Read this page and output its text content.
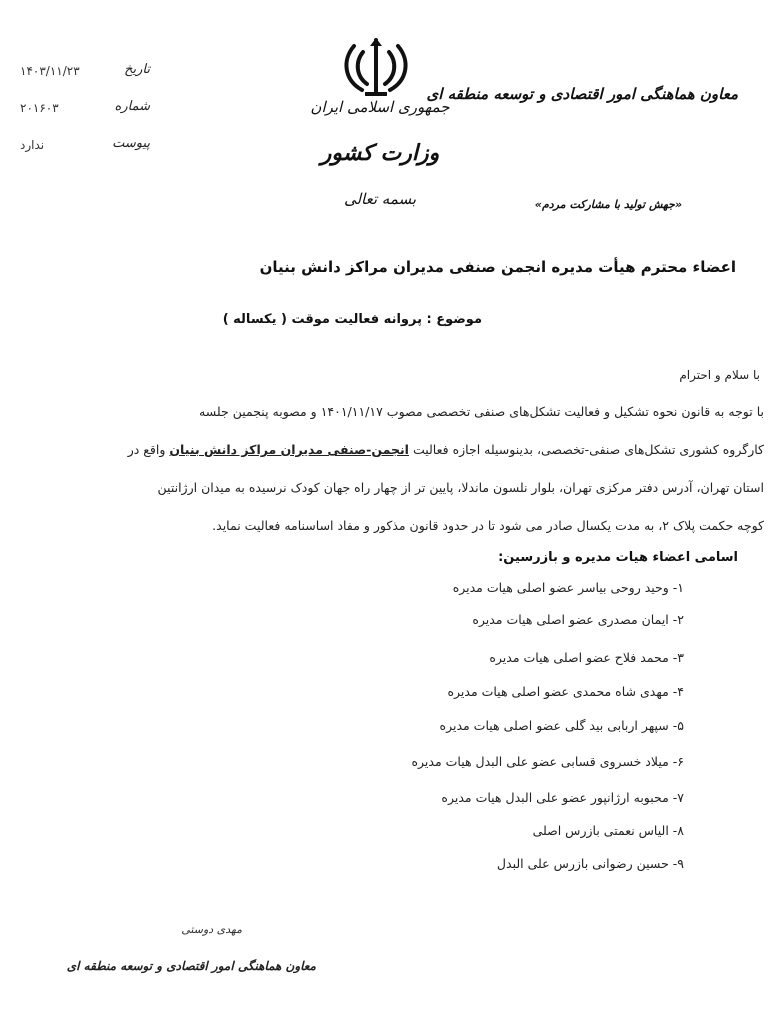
تاریخ
۱۴۰۳/۱۱/۲۳
شماره
۲۰۱۶۰۳
پیوست
ندارد
جمهوری اسلامی ایران
وزارت کشور
بسمه تعالی
معاون هماهنگی امور اقتصادی و توسعه منطقه ای
«جهش تولید با مشارکت مردم»
اعضاء محترم هیأت مدیره انجمن صنفی مدیران مراکز دانش بنیان
موضوع : پروانه فعالیت موقت ( یکساله )
با سلام و احترام
با توجه به قانون نحوه تشکیل و فعالیت تشکل‌های صنفی تخصصی مصوب ۱۴۰۱/۱۱/۱۷ و مصوبه پنجمین جلسه
کارگروه کشوری تشکل‌های صنفی-تخصصی، بدینوسیله اجازه فعالیت انجمن-صنفی مدیران مراکز دانش بنیان واقع در
استان تهران، آدرس دفتر مرکزی تهران، بلوار نلسون ماندلا، پایین تر از چهار راه جهان کودک نرسیده به میدان ارژانتین
کوچه حکمت پلاک ۲، به مدت یکسال صادر می شود تا در حدود قانون مذکور و مفاد اساسنامه فعالیت نماید.
اسامی اعضاء هیات مدیره و بازرسین:
۱- وحید روحی بیاسر عضو اصلی هیات مدیره
۲- ایمان مصدری عضو اصلی هیات مدیره
۳- محمد فلاح عضو اصلی هیات مدیره
۴- مهدی شاه محمدی عضو اصلی هیات مدیره
۵- سپهر اربابی بید گلی عضو اصلی هیات مدیره
۶- میلاد خسروی قسابی عضو علی البدل هیات مدیره
۷- محبوبه ارژانپور عضو علی البدل هیات مدیره
۸- الیاس نعمتی بازرس اصلی
۹- حسین رضوانی بازرس علی البدل
مهدی دوستی
معاون هماهنگی امور اقتصادی و توسعه منطقه ای
